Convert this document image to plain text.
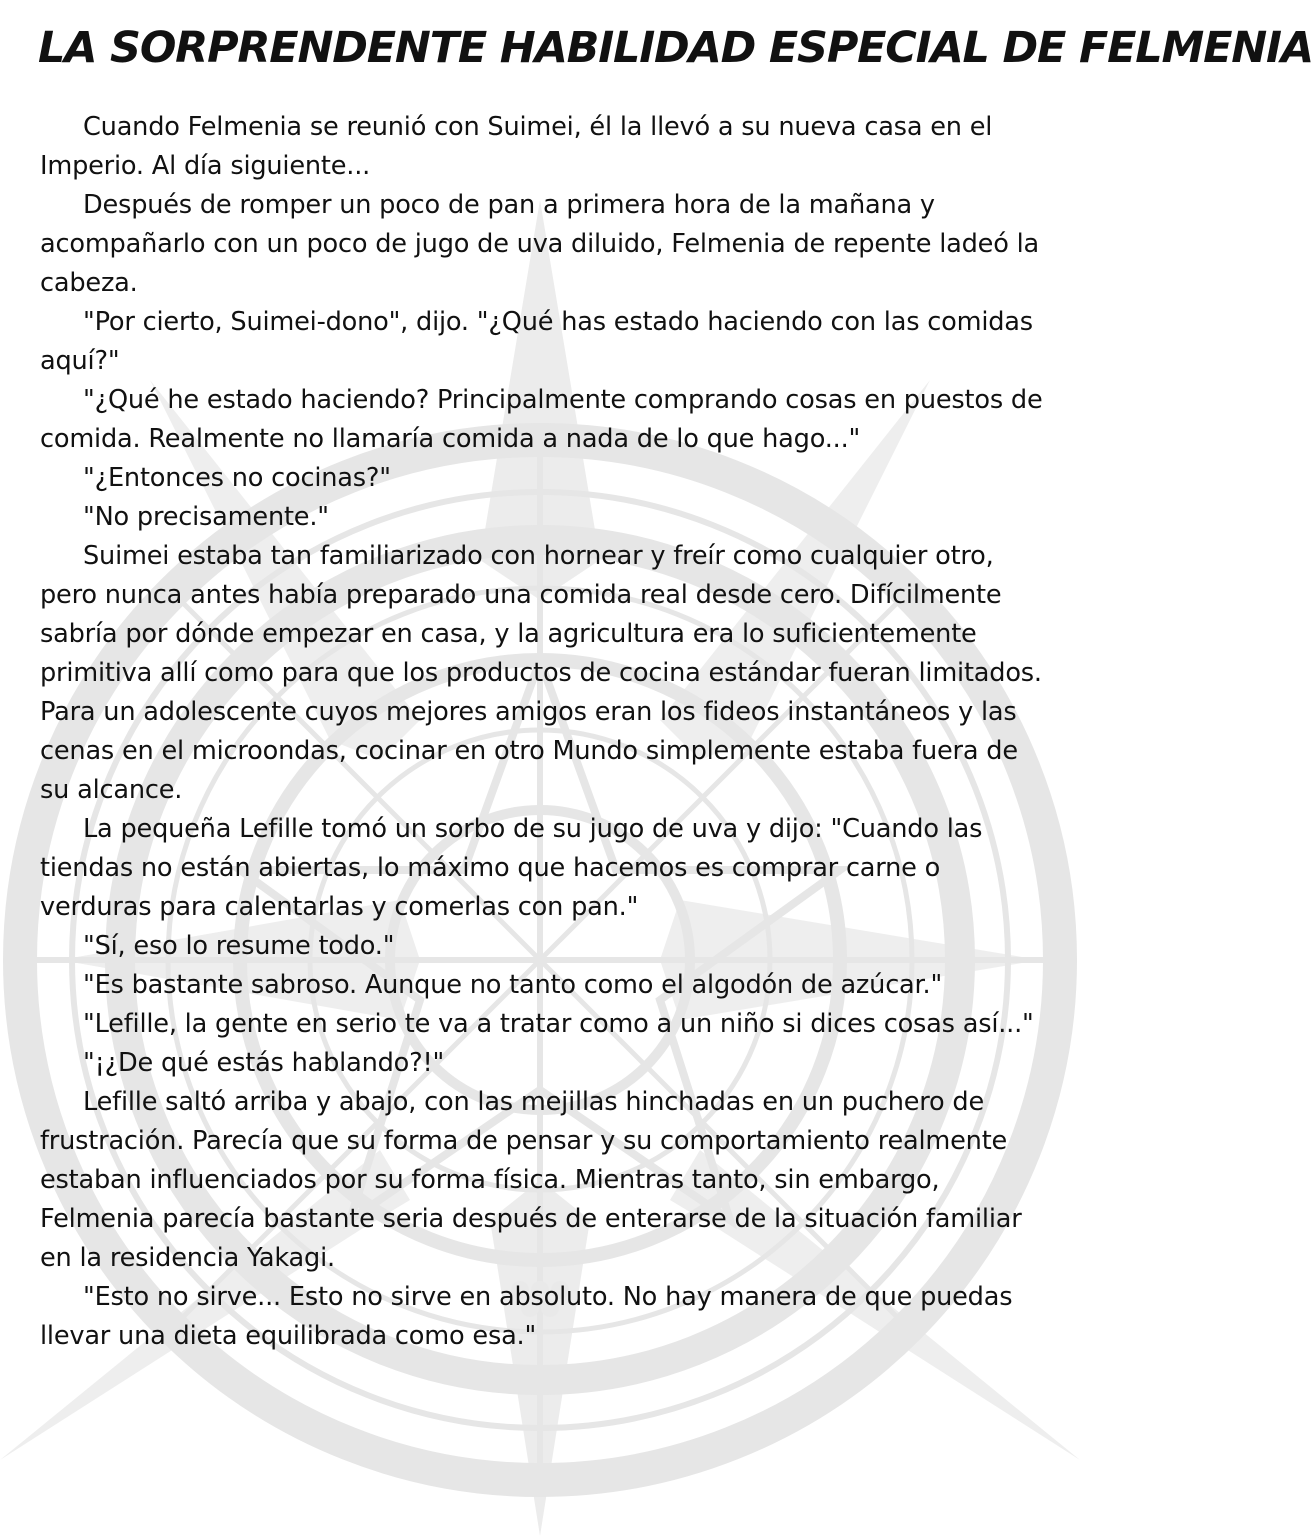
LA SORPRENDENTE HABILIDAD ESPECIAL DE FELMENIA

Cuando Felmenia se reunió con Suimei, él la llevó a su nueva casa en el Imperio. Al día siguiente...

Después de romper un poco de pan a primera hora de la mañana y acompañarlo con un poco de jugo de uva diluido, Felmenia de repente ladeó la cabeza.

"Por cierto, Suimei-dono", dijo. "¿Qué has estado haciendo con las comidas aquí?"

"¿Qué he estado haciendo? Principalmente comprando cosas en puestos de comida. Realmente no llamaría comida a nada de lo que hago..."

"¿Entonces no cocinas?"

"No precisamente."

Suimei estaba tan familiarizado con hornear y freír como cualquier otro, pero nunca antes había preparado una comida real desde cero. Difícilmente sabría por dónde empezar en casa, y la agricultura era lo suficientemente primitiva allí como para que los productos de cocina estándar fueran limitados. Para un adolescente cuyos mejores amigos eran los fideos instantáneos y las cenas en el microondas, cocinar en otro Mundo simplemente estaba fuera de su alcance.

La pequeña Lefille tomó un sorbo de su jugo de uva y dijo: "Cuando las tiendas no están abiertas, lo máximo que hacemos es comprar carne o verduras para calentarlas y comerlas con pan."

"Sí, eso lo resume todo."

"Es bastante sabroso. Aunque no tanto como el algodón de azúcar."

"Lefille, la gente en serio te va a tratar como a un niño si dices cosas así..."

"¡¿De qué estás hablando?!"

Lefille saltó arriba y abajo, con las mejillas hinchadas en un puchero de frustración. Parecía que su forma de pensar y su comportamiento realmente estaban influenciados por su forma física. Mientras tanto, sin embargo, Felmenia parecía bastante seria después de enterarse de la situación familiar en la residencia Yakagi.

"Esto no sirve... Esto no sirve en absoluto. No hay manera de que puedas llevar una dieta equilibrada como esa."
